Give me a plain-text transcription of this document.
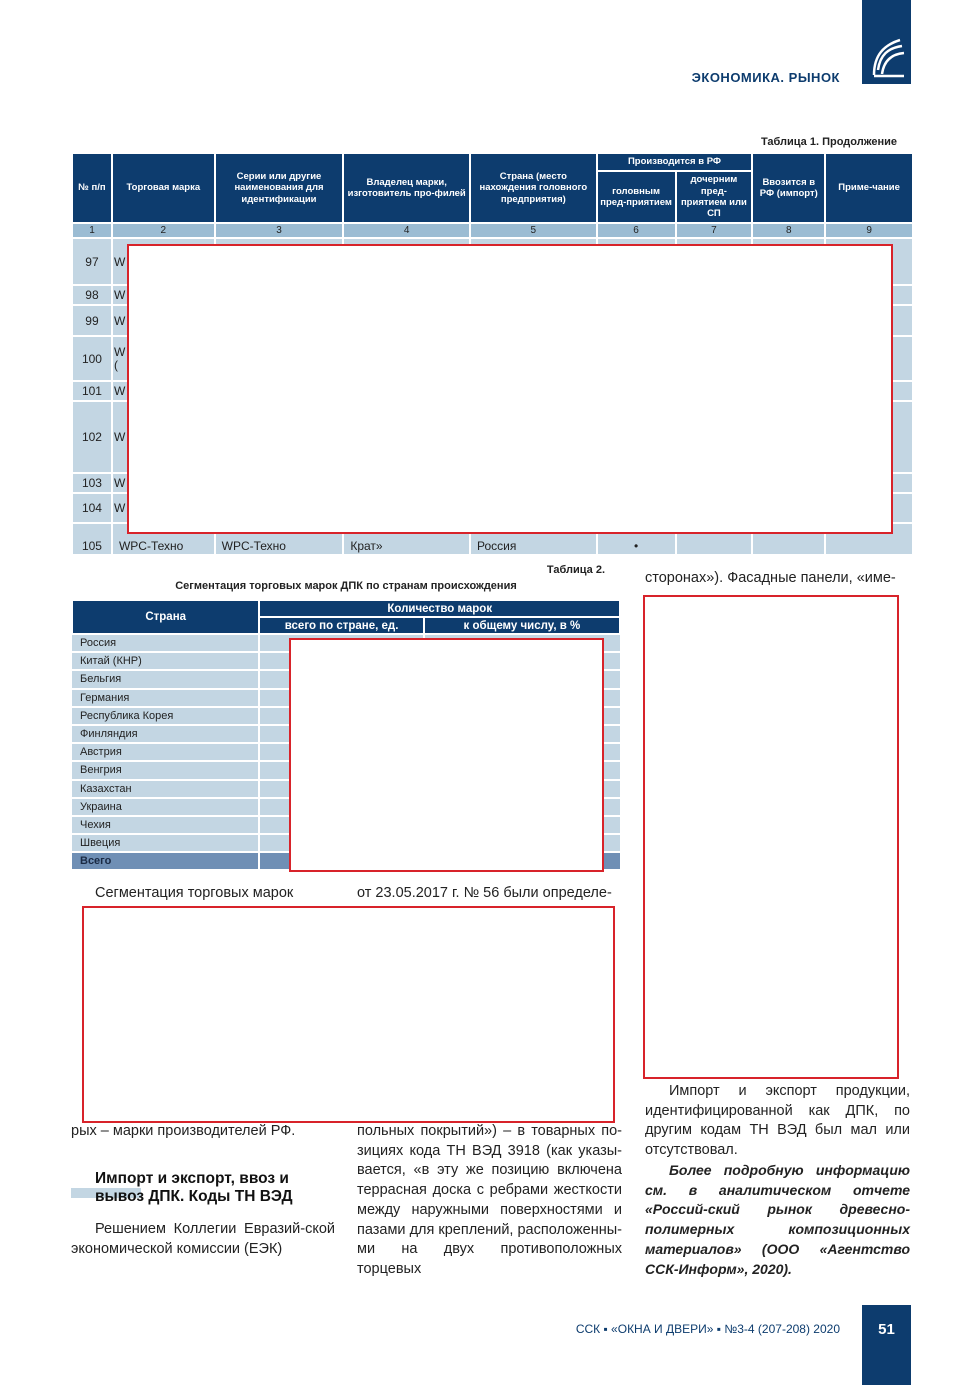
ЭКОНОМИКА. РЫНОК
Таблица 1. Продолжение
№ п/п	Торговая марка	Серии или другие наименования для идентификации	Владелец марки, изготовитель про-филей	Страна (место нахождения головного предприятия)	Производится в РФ		Ввозится в РФ (импорт)	Приме-чание
					головным пред-приятием	дочерним пред-приятием или СП		
1	2	3	4	5	6	7	8	9
97	W							
98	W							
99	W							
100	W (							
101	W							
102	W							
103	W							
104	W							
105	WPC-Техно	WPC-Техно	Крат»	Россия	•			
Таблица 2.
Сегментация торговых марок ДПК по странам происхождения
Страна	Количество марок	
	всего по стране, ед.	к общему числу, в %
Россия		
Китай (КНР)		
Бельгия		
Германия		
Республика Корея		
Финляндия		
Австрия		
Венгрия		
Казахстан		
Украина		
Чехия		
Швеция		
Всего		
Сегментация торговых марок
рых – марки производителей РФ.
Импорт и экспорт, ввоз и вывоз ДПК. Коды ТН ВЭД
Решением Коллегии Евразий-ской экономической комиссии (ЕЭК)
от 23.05.2017 г. № 56 были определе-
польных покрытий») – в товарных по-зициях кода ТН ВЭД 3918 (как указы-вается, «в эту же позицию включена террасная доска с ребрами жесткости между наружными поверхностями и пазами для креплений, расположенны-ми на двух противоположных торцевых
сторонах»). Фасадные панели, «име-
Импорт и экспорт продукции, идентифицированной как ДПК, по другим кодам ТН ВЭД был мал или отсутствовал.
Более подробную информацию см. в аналитическом отчете «Россий-ский рынок древесно-полимерных композиционных материалов» (ООО «Агентство ССК-Информ», 2020).
ССК ▪ «ОКНА И ДВЕРИ» ▪ №3-4 (207-208) 2020	51
